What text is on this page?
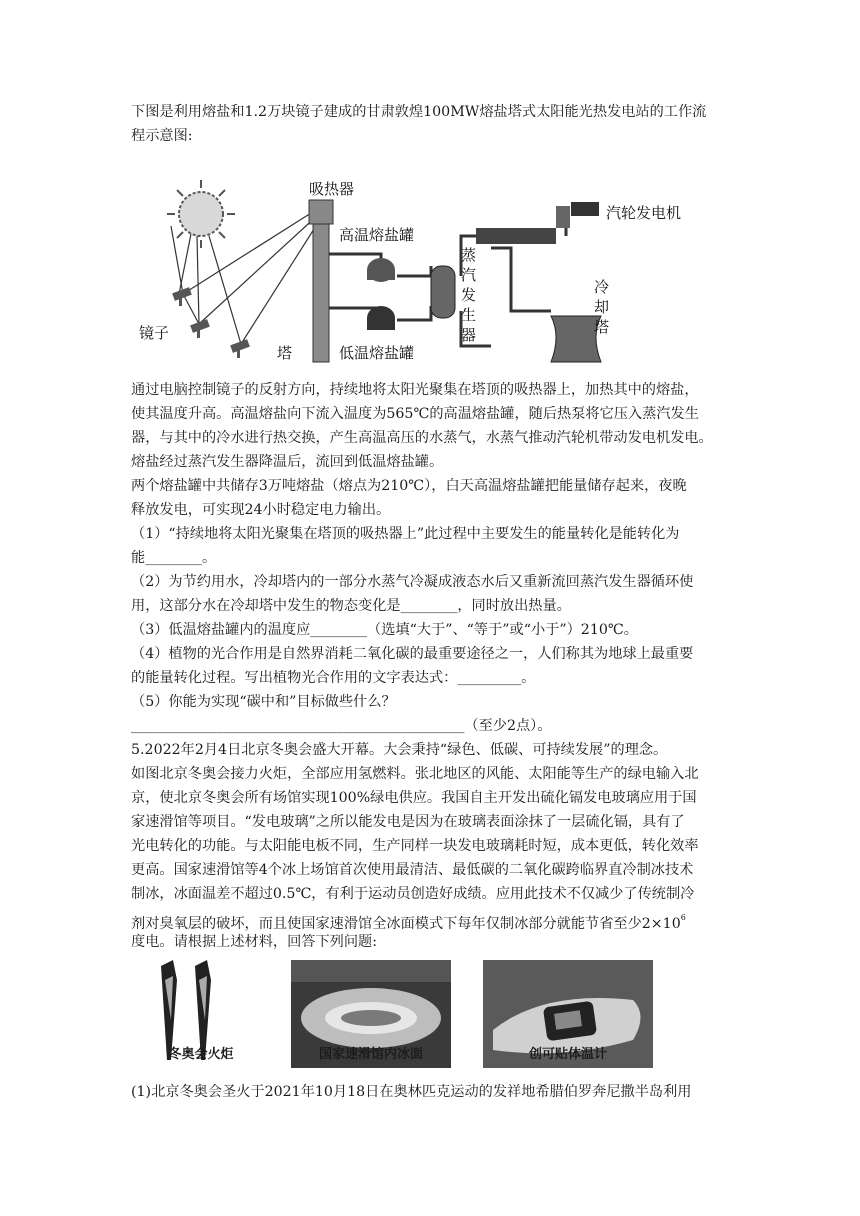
下图是利用熔盐和1.2万块镜子建成的甘肃敦煌100MW熔盐塔式太阳能光热发电站的工作流
程示意图:
吸热器
高温熔盐罐
汽轮发电机
蒸
汽
发
生
器
冷
却
塔
镜子
塔	低温熔盐罐
通过电脑控制镜子的反射方向，持续地将太阳光聚集在塔顶的吸热器上，加热其中的熔盐，
使其温度升高。高温熔盐向下流入温度为565℃的高温熔盐罐，随后热泵将它压入蒸汽发生
器，与其中的冷水进行热交换，产生高温高压的水蒸气，水蒸气推动汽轮机带动发电机发电。
熔盐经过蒸汽发生器降温后，流回到低温熔盐罐。
两个熔盐罐中共储存3万吨熔盐（熔点为210℃），白天高温熔盐罐把能量储存起来，夜晚
释放发电，可实现24小时稳定电力输出。
（1）“持续地将太阳光聚集在塔顶的吸热器上”此过程中主要发生的能量转化是能转化为
能________。
（2）为节约用水，冷却塔内的一部分水蒸气冷凝成液态水后又重新流回蒸汽发生器循环使
用，这部分水在冷却塔中发生的物态变化是________，同时放出热量。
（3）低温熔盐罐内的温度应________（选填“大于”、“等于”或“小于”）210℃。
（4）植物的光合作用是自然界消耗二氧化碳的最重要途径之一，人们称其为地球上最重要
的能量转化过程。写出植物光合作用的文字表达式：_________。
（5）你能为实现“碳中和”目标做些什么？
_______________________________________________（至少2点）。
5.2022年2月4日北京冬奥会盛大开幕。大会秉持“绿色、低碳、可持续发展”的理念。
如图北京冬奥会接力火炬，全部应用氢燃料。张北地区的风能、太阳能等生产的绿电输入北
京，使北京冬奥会所有场馆实现100%绿电供应。我国自主开发出硫化镉发电玻璃应用于国
家速滑馆等项目。“发电玻璃”之所以能发电是因为在玻璃表面涂抹了一层硫化镉，具有了
光电转化的功能。与太阳能电板不同，生产同样一块发电玻璃耗时短，成本更低，转化效率
更高。国家速滑馆等4个冰上场馆首次使用最清洁、最低碳的二氧化碳跨临界直冷制冰技术
制冰，冰面温差不超过0.5℃，有利于运动员创造好成绩。应用此技术不仅减少了传统制冷
剂对臭氧层的破坏，而且使国家速滑馆全冰面模式下每年仅制冰部分就能节省至少$2\times 10^6$
度电。请根据上述材料，回答下列问题:
冬奥会火炬	国家速滑馆内冰面	创可贴体温计
(1)北京冬奥会圣火于2021年10月18日在奥林匹克运动的发祥地希腊伯罗奔尼撒半岛利用
